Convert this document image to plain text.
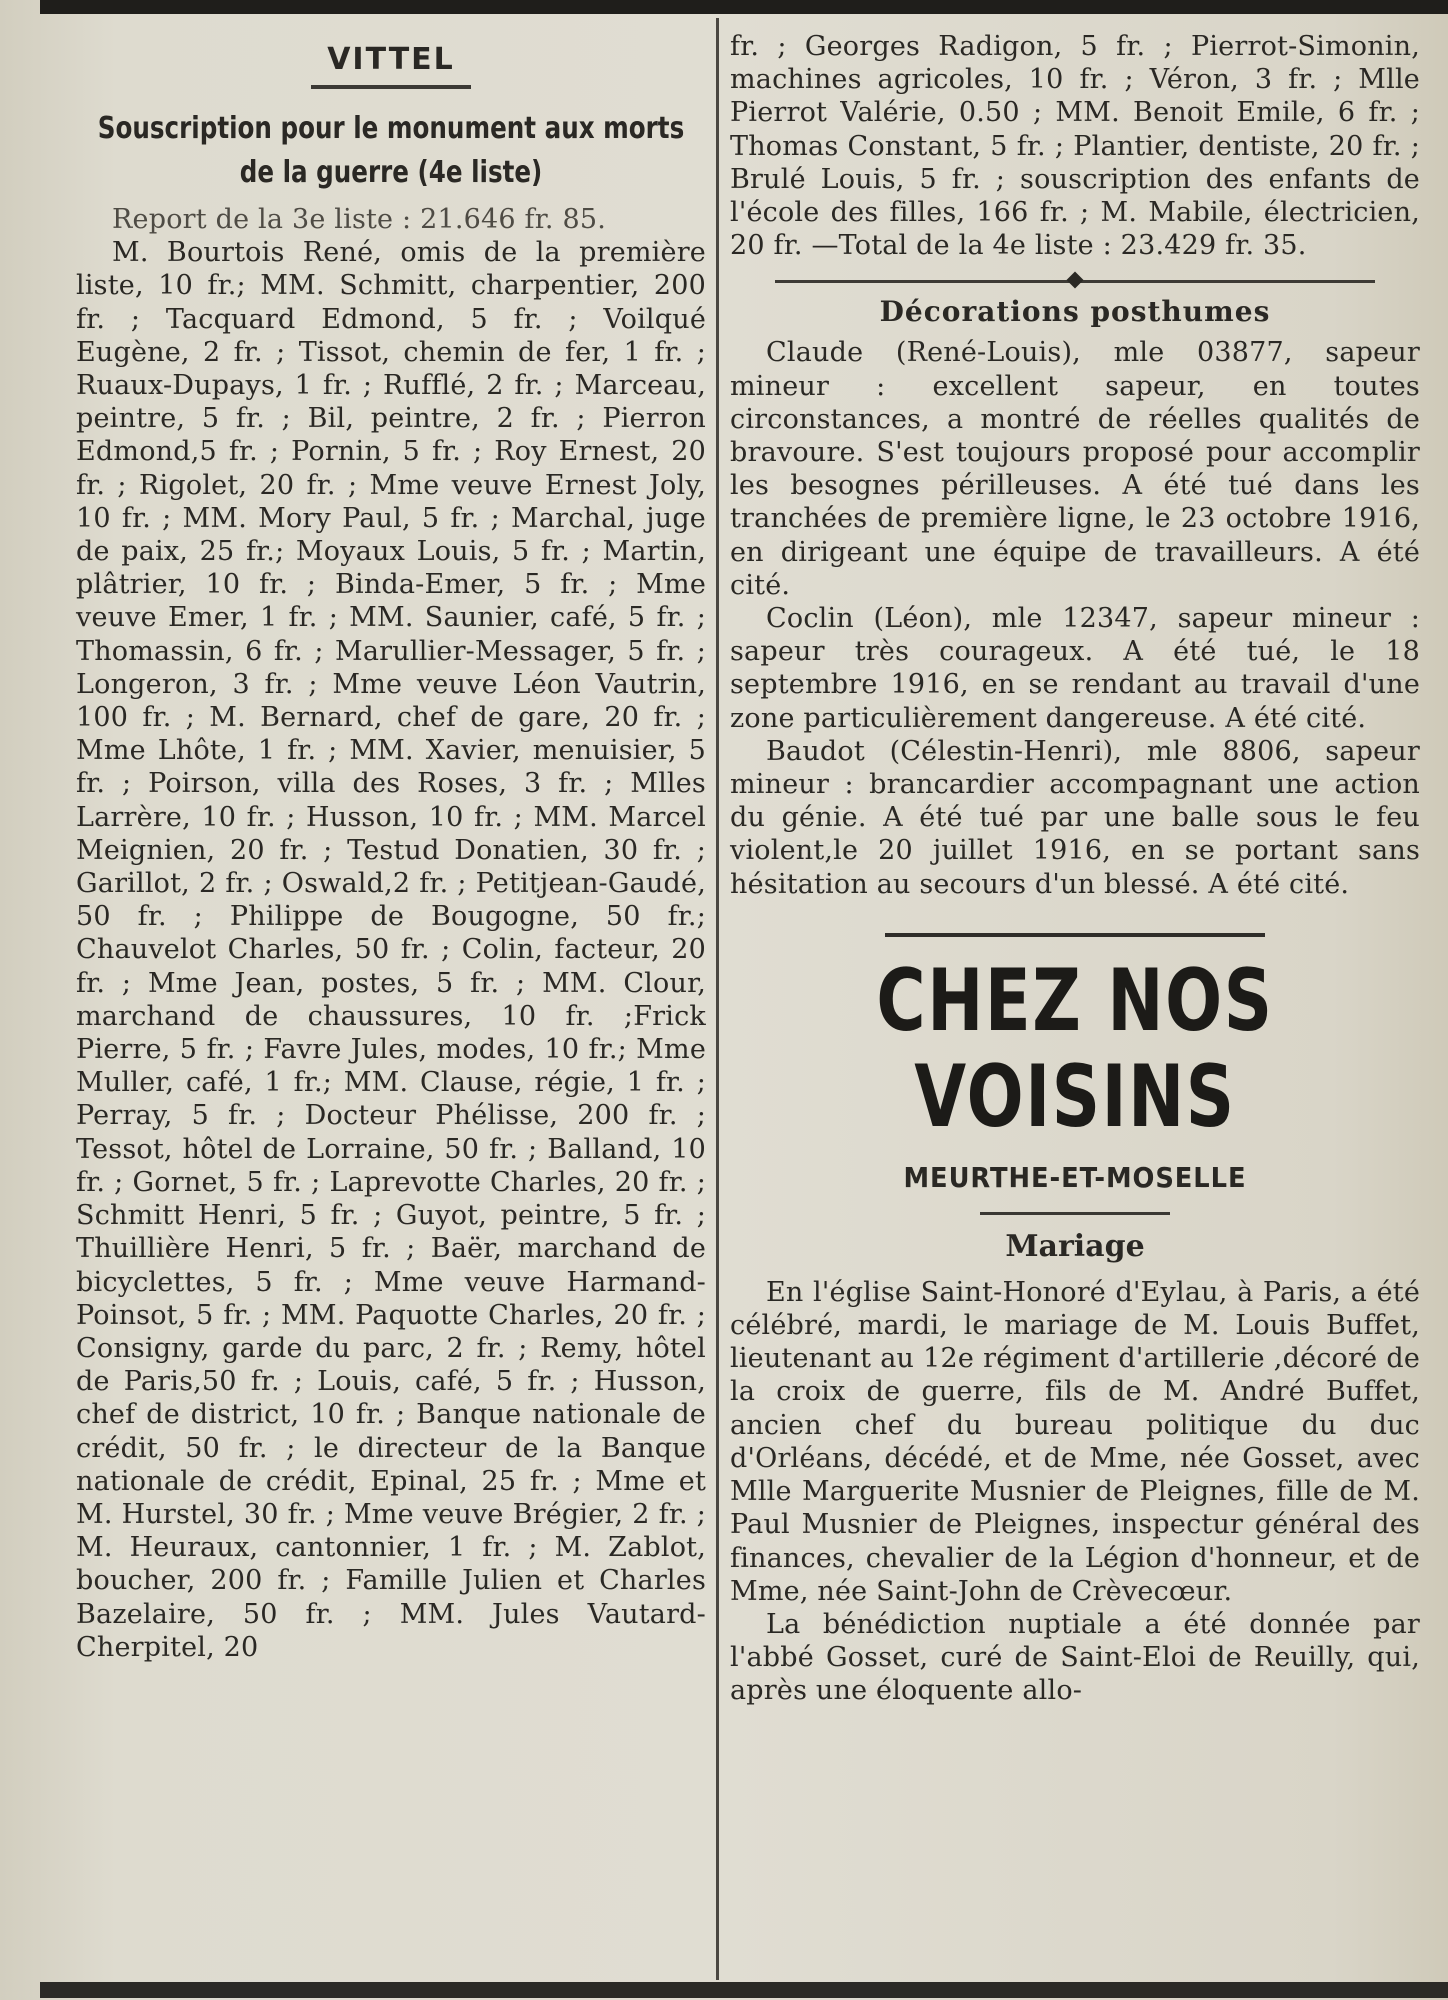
VITTEL
Souscription pour le monument aux morts de la guerre (4e liste)

Report de la 3e liste : 21.646 fr. 85.

M. Bourtois René, omis de la première liste, 10 fr.; MM. Schmitt, charpentier, 200 fr. ; Tacquard Edmond, 5 fr. ; Voilqué Eugène, 2 fr. ; Tissot, chemin de fer, 1 fr. ; Ruaux-Dupays, 1 fr. ; Rufflé, 2 fr. ; Marceau, peintre, 5 fr. ; Bil, peintre, 2 fr. ; Pierron Edmond,5 fr. ; Pornin, 5 fr. ; Roy Ernest, 20 fr. ; Rigolet, 20 fr. ; Mme veuve Ernest Joly, 10 fr. ; MM. Mory Paul, 5 fr. ; Marchal, juge de paix, 25 fr.; Moyaux Louis, 5 fr. ; Martin, plâtrier, 10 fr. ; Binda-Emer, 5 fr. ; Mme veuve Emer, 1 fr. ; MM. Saunier, café, 5 fr. ; Thomassin, 6 fr. ; Marullier-Messager, 5 fr. ; Longeron, 3 fr. ; Mme veuve Léon Vautrin, 100 fr. ; M. Bernard, chef de gare, 20 fr. ; Mme Lhôte, 1 fr. ; MM. Xavier, menuisier, 5 fr. ; Poirson, villa des Roses, 3 fr. ; Mlles Larrère, 10 fr. ; Husson, 10 fr. ; MM. Marcel Meignien, 20 fr. ; Testud Donatien, 30 fr. ; Garillot, 2 fr. ; Oswald,2 fr. ; Petitjean-Gaudé, 50 fr. ; Philippe de Bougogne, 50 fr.; Chauvelot Charles, 50 fr. ; Colin, facteur, 20 fr. ; Mme Jean, postes, 5 fr. ; MM. Clour, marchand de chaussures, 10 fr. ;Frick Pierre, 5 fr. ; Favre Jules, modes, 10 fr.; Mme Muller, café, 1 fr.; MM. Clause, régie, 1 fr. ; Perray, 5 fr. ; Docteur Phélisse, 200 fr. ; Tessot, hôtel de Lorraine, 50 fr. ; Balland, 10 fr. ; Gornet, 5 fr. ; Laprevotte Charles, 20 fr. ; Schmitt Henri, 5 fr. ; Guyot, peintre, 5 fr. ; Thuillière Henri, 5 fr. ; Baër, marchand de bicyclettes, 5 fr. ; Mme veuve Harmand-Poinsot, 5 fr. ; MM. Paquotte Charles, 20 fr. ; Consigny, garde du parc, 2 fr. ; Remy, hôtel de Paris,50 fr. ; Louis, café, 5 fr. ; Husson, chef de district, 10 fr. ; Banque nationale de crédit, 50 fr. ; le directeur de la Banque nationale de crédit, Epinal, 25 fr. ; Mme et M. Hurstel, 30 fr. ; Mme veuve Brégier, 2 fr. ; M. Heuraux, cantonnier, 1 fr. ; M. Zablot, boucher, 200 fr. ; Famille Julien et Charles Bazelaire, 50 fr. ; MM. Jules Vautard-Cherpitel, 20

fr. ; Georges Radigon, 5 fr. ; Pierrot-Simonin, machines agricoles, 10 fr. ; Véron, 3 fr. ; Mlle Pierrot Valérie, 0.50 ; MM. Benoit Emile, 6 fr. ; Thomas Constant, 5 fr. ; Plantier, dentiste, 20 fr. ; Brulé Louis, 5 fr. ; souscription des enfants de l'école des filles, 166 fr. ; M. Mabile, électricien, 20 fr. —Total de la 4e liste : 23.429 fr. 35.

Décorations posthumes

Claude (René-Louis), mle 03877, sapeur mineur : excellent sapeur, en toutes circonstances, a montré de réelles qualités de bravoure. S'est toujours proposé pour accomplir les besognes périlleuses. A été tué dans les tranchées de première ligne, le 23 octobre 1916, en dirigeant une équipe de travailleurs. A été cité.

Coclin (Léon), mle 12347, sapeur mineur : sapeur très courageux. A été tué, le 18 septembre 1916, en se rendant au travail d'une zone particulièrement dangereuse. A été cité.

Baudot (Célestin-Henri), mle 8806, sapeur mineur : brancardier accompagnant une action du génie. A été tué par une balle sous le feu violent,le 20 juillet 1916, en se portant sans hésitation au secours d'un blessé. A été cité.

CHEZ NOS VOISINS
MEURTHE-ET-MOSELLE
Mariage

En l'église Saint-Honoré d'Eylau, à Paris, a été célébré, mardi, le mariage de M. Louis Buffet, lieutenant au 12e régiment d'artillerie ,décoré de la croix de guerre, fils de M. André Buffet, ancien chef du bureau politique du duc d'Orléans, décédé, et de Mme, née Gosset, avec Mlle Marguerite Musnier de Pleignes, fille de M. Paul Musnier de Pleignes, inspectur général des finances, chevalier de la Légion d'honneur, et de Mme, née Saint-John de Crèvecœur.

La bénédiction nuptiale a été donnée par l'abbé Gosset, curé de Saint-Eloi de Reuilly, qui, après une éloquente allo-
